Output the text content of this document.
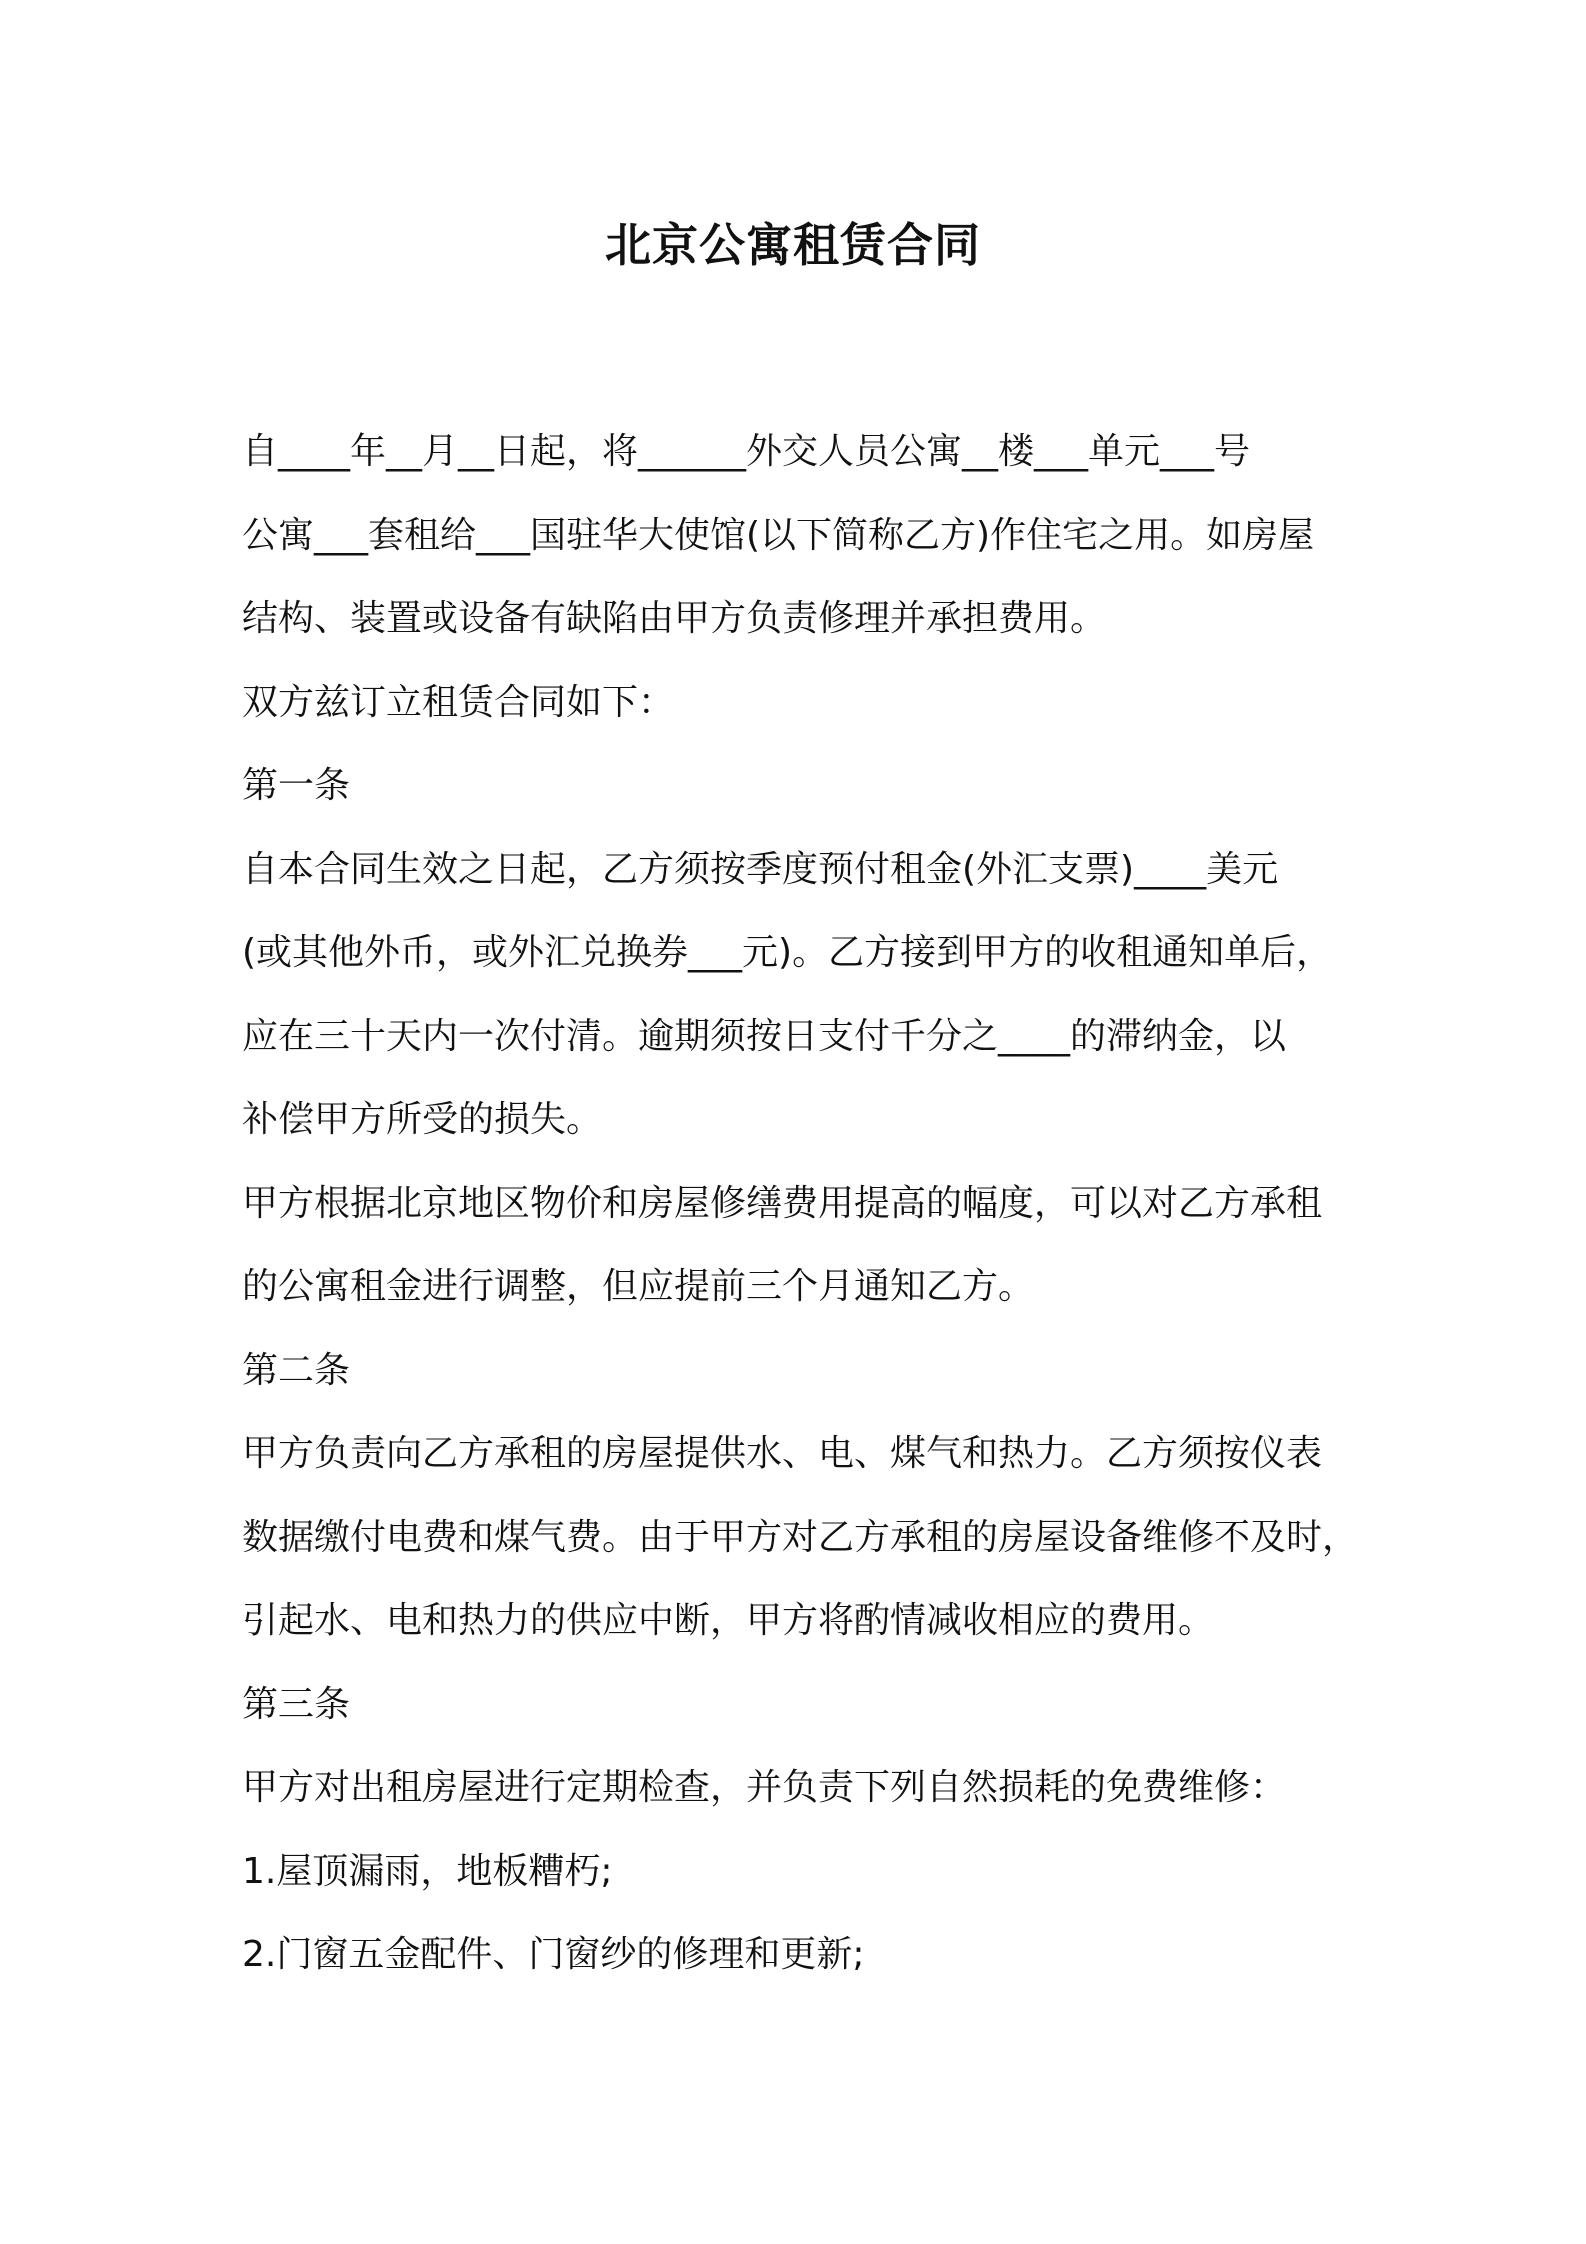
北京公寓租赁合同

自____年__月__日起，将______外交人员公寓__楼___单元___号

公寓___套租给___国驻华大使馆(以下简称乙方)作住宅之用。如房屋

结构、装置或设备有缺陷由甲方负责修理并承担费用。

双方兹订立租赁合同如下：

第一条

自本合同生效之日起，乙方须按季度预付租金(外汇支票)____美元

(或其他外币，或外汇兑换券___元)。乙方接到甲方的收租通知单后，

应在三十天内一次付清。逾期须按日支付千分之____的滞纳金，以

补偿甲方所受的损失。

甲方根据北京地区物价和房屋修缮费用提高的幅度，可以对乙方承租

的公寓租金进行调整，但应提前三个月通知乙方。

第二条

甲方负责向乙方承租的房屋提供水、电、煤气和热力。乙方须按仪表

数据缴付电费和煤气费。由于甲方对乙方承租的房屋设备维修不及时，

引起水、电和热力的供应中断，甲方将酌情减收相应的费用。

第三条

甲方对出租房屋进行定期检查，并负责下列自然损耗的免费维修：

1.屋顶漏雨，地板糟朽;

2.门窗五金配件、门窗纱的修理和更新;
